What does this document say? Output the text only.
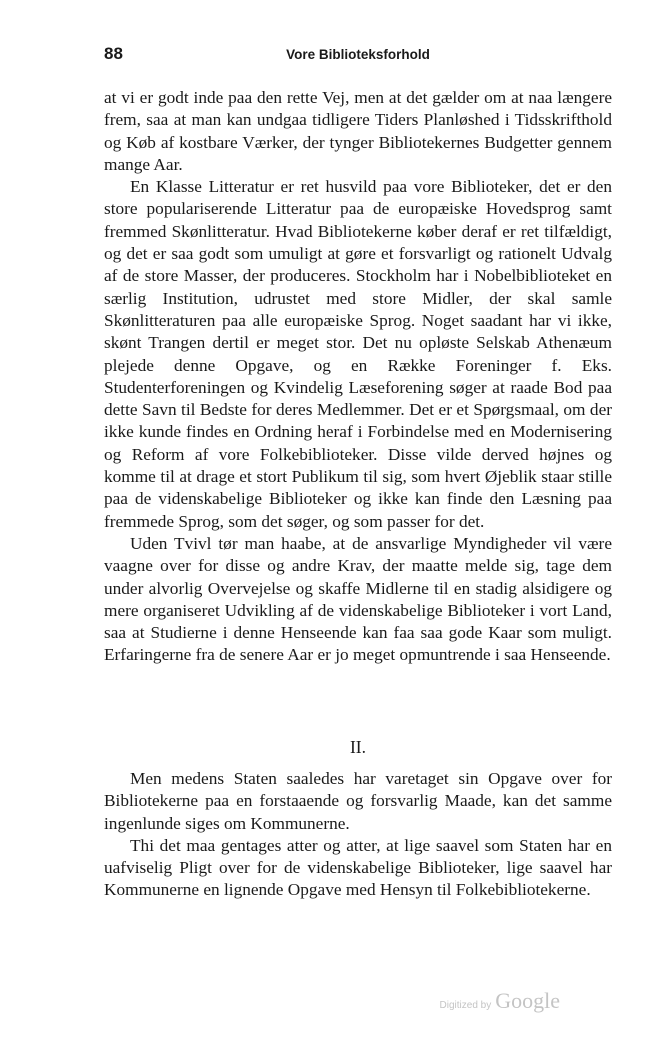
88	Vore Biblioteksforhold

at vi er godt inde paa den rette Vej, men at det gælder om at naa længere frem, saa at man kan undgaa tidligere Tiders Planløshed i Tidsskrifthold og Køb af kostbare Værker, der tynger Bibliotekernes Budgetter gennem mange Aar.

En Klasse Litteratur er ret husvild paa vore Biblioteker, det er den store populariserende Litteratur paa de europæiske Hovedsprog samt fremmed Skønlitteratur. Hvad Bibliotekerne køber deraf er ret tilfældigt, og det er saa godt som umuligt at gøre et forsvarligt og rationelt Udvalg af de store Masser, der produceres. Stockholm har i Nobelbiblioteket en særlig Institution, udrustet med store Midler, der skal samle Skønlitteraturen paa alle europæiske Sprog. Noget saadant har vi ikke, skønt Trangen dertil er meget stor. Det nu opløste Selskab Athenæum plejede denne Opgave, og en Række Foreninger f. Eks. Studenterforeningen og Kvindelig Læseforening søger at raade Bod paa dette Savn til Bedste for deres Medlemmer. Det er et Spørgsmaal, om der ikke kunde findes en Ordning heraf i Forbindelse med en Modernisering og Reform af vore Folkebiblioteker. Disse vilde derved højnes og komme til at drage et stort Publikum til sig, som hvert Øjeblik staar stille paa de videnskabelige Biblioteker og ikke kan finde den Læsning paa fremmede Sprog, som det søger, og som passer for det.

Uden Tvivl tør man haabe, at de ansvarlige Myndigheder vil være vaagne over for disse og andre Krav, der maatte melde sig, tage dem under alvorlig Overvejelse og skaffe Midlerne til en stadig alsidigere og mere organiseret Udvikling af de videnskabelige Biblioteker i vort Land, saa at Studierne i denne Henseende kan faa saa gode Kaar som muligt. Erfaringerne fra de senere Aar er jo meget opmuntrende i saa Henseende.

II.

Men medens Staten saaledes har varetaget sin Opgave over for Bibliotekerne paa en forstaaende og forsvarlig Maade, kan det samme ingenlunde siges om Kommunerne.

Thi det maa gentages atter og atter, at lige saavel som Staten har en uafviselig Pligt over for de videnskabelige Biblioteker, lige saavel har Kommunerne en lignende Opgave med Hensyn til Folkebibliotekerne.

Digitized by Google
